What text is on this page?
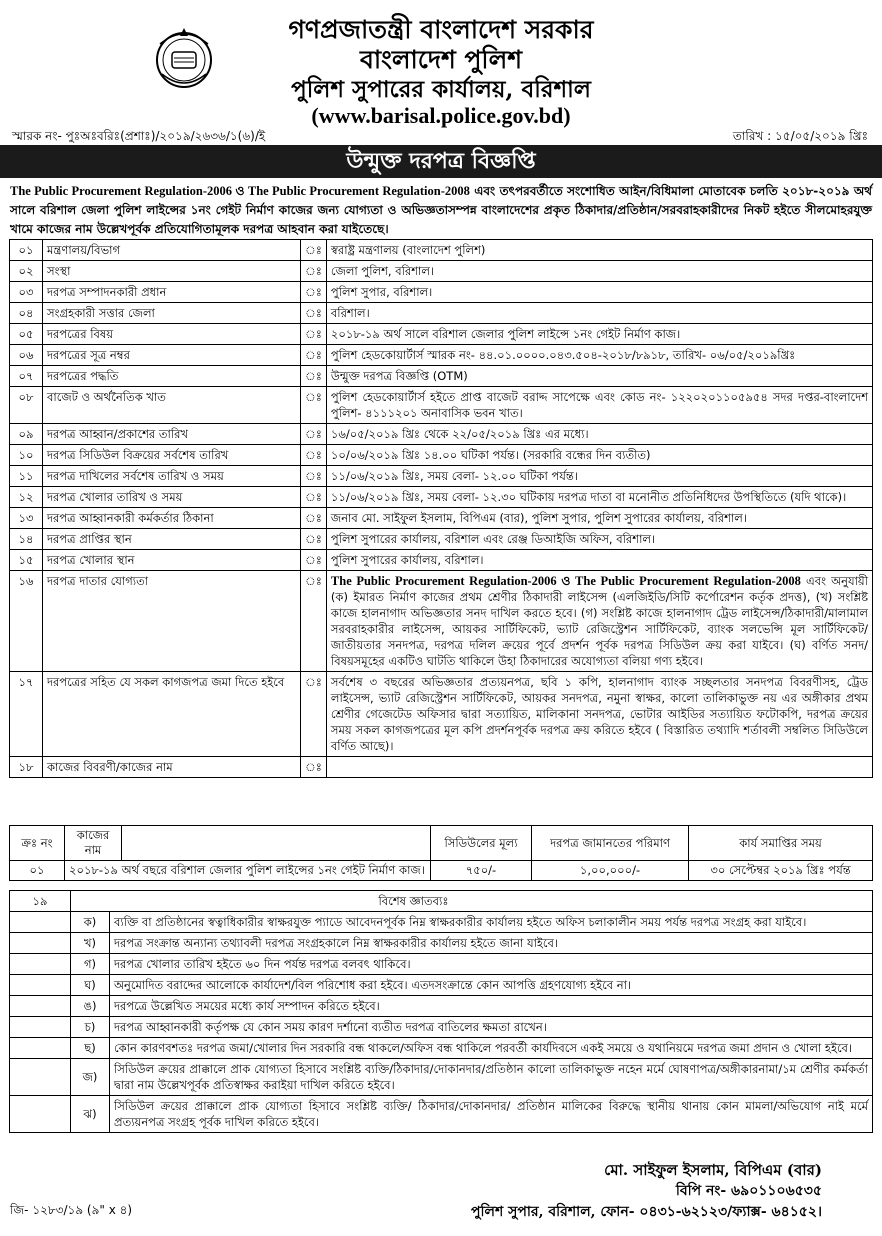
গণপ্রজাতন্ত্রী বাংলাদেশ সরকার
বাংলাদেশ পুলিশ
পুলিশ সুপারের কার্যালয়, বরিশাল
(www.barisal.police.gov.bd)
স্মারক নং- পুঃঅঃবরিঃ(প্রশাঃ)/২০১৯/২৬৩৬/১(৬)/ই	তারিখ : ১৫/০৫/২০১৯ খ্রিঃ
উন্মুক্ত দরপত্র বিজ্ঞপ্তি
The Public Procurement Regulation-2006 ও The Public Procurement Regulation-2008 এবং তৎপরবর্তীতে সংশোধিত আইন/বিধিমালা মোতাবেক চলতি ২০১৮-২০১৯ অর্থ সালে বরিশাল জেলা পুলিশ লাইন্সের ১নং গেইট নির্মাণ কাজের জন্য যোগ্যতা ও অভিজ্ঞতাসম্পন্ন বাংলাদেশের প্রকৃত ঠিকাদার/প্রতিষ্ঠান/সরবরাহকারীদের নিকট হইতে সীলমোহরযুক্ত খামে কাজের নাম উল্লেখপূর্বক প্রতিযোগিতামূলক দরপত্র আহবান করা যাইতেছে।
০১	মন্ত্রণালয়/বিভাগ	ঃ	স্বরাষ্ট্র মন্ত্রণালয় (বাংলাদেশ পুলিশ)
০২	সংস্থা	ঃ	জেলা পুলিশ, বরিশাল।
০৩	দরপত্র সম্পাদনকারী প্রধান	ঃ	পুলিশ সুপার, বরিশাল।
০৪	সংগ্রহকারী সত্তার জেলা	ঃ	বরিশাল।
০৫	দরপত্রের বিষয়	ঃ	২০১৮-১৯ অর্থ সালে বরিশাল জেলার পুলিশ লাইন্সে ১নং গেইট নির্মাণ কাজ।
০৬	দরপত্রের সূত্র নম্বর	ঃ	পুলিশ হেডকোয়ার্টার্স স্মারক নং- ৪৪.০১.০০০০.০৪৩.৫০৪-২০১৮/৮৯১৮, তারিখ- ০৬/০৫/২০১৯খ্রিঃ
০৭	দরপত্রের পদ্ধতি	ঃ	উন্মুক্ত দরপত্র বিজ্ঞপ্তি (OTM)
০৮	বাজেট ও অর্থনৈতিক খাত	ঃ	পুলিশ হেডকোয়ার্টার্স হইতে প্রাপ্ত বাজেট বরাদ্দ সাপেক্ষে এবং কোড নং- ১২২০২০১১০৫৯৫৪ সদর দপ্তর-বাংলাদেশ পুলিশ- ৪১১১২০১ অনাবাসিক ভবন খাত।
০৯	দরপত্র আহ্বান/প্রকাশের তারিখ	ঃ	১৬/০৫/২০১৯ খ্রিঃ থেকে ২২/০৫/২০১৯ খ্রিঃ এর মধ্যে।
১০	দরপত্র সিডিউল বিক্রয়ের সর্বশেষ তারিখ	ঃ	১০/০৬/২০১৯ খ্রিঃ ১৪.০০ ঘটিকা পর্যন্ত। (সরকারি বন্ধের দিন ব্যতীত)
১১	দরপত্র দাখিলের সর্বশেষ তারিখ ও সময়	ঃ	১১/০৬/২০১৯ খ্রিঃ, সময় বেলা- ১২.০০ ঘটিকা পর্যন্ত।
১২	দরপত্র খোলার তারিখ ও সময়	ঃ	১১/০৬/২০১৯ খ্রিঃ, সময় বেলা- ১২.৩০ ঘটিকায় দরপত্র দাতা বা মনোনীত প্রতিনিধিদের উপস্থিতিতে (যদি থাকে)।
১৩	দরপত্র আহ্বানকারী কর্মকর্তার ঠিকানা	ঃ	জনাব মো. সাইফুল ইসলাম, বিপিএম (বার), পুলিশ সুপার, পুলিশ সুপারের কার্যালয়, বরিশাল।
১৪	দরপত্র প্রাপ্তির স্থান	ঃ	পুলিশ সুপারের কার্যালয়, বরিশাল এবং রেঞ্জ ডিআইজি অফিস, বরিশাল।
১৫	দরপত্র খোলার স্থান	ঃ	পুলিশ সুপারের কার্যালয়, বরিশাল।
১৬	দরপত্র দাতার যোগ্যতা	ঃ	The Public Procurement Regulation-2006 ও The Public Procurement Regulation-2008 এবং অনুযায়ী (ক) ইমারত নির্মাণ কাজের প্রথম শ্রেণীর ঠিকাদারী লাইসেন্স (এলজিইডি/সিটি কর্পোরেশন কর্তৃক প্রদত্ত), (খ) সংশ্লিষ্ট কাজে হালনাগাদ অভিজ্ঞতার সনদ দাখিল করতে হবে। (গ) সংশ্লিষ্ট কাজে হালনাগাদ ট্রেড লাইসেন্স/ঠিকাদারী/মালামাল সরবরাহকারীর লাইসেন্স, আয়কর সার্টিফিকেট, ভ্যাট রেজিস্ট্রেশন সার্টিফিকেট, ব্যাংক সলভেন্সি মূল সার্টিফিকেট/জাতীয়তার সনদপত্র, দরপত্র দলিল ক্রয়ের পূর্বে প্রদর্শন পূর্বক দরপত্র সিডিউল ক্রয় করা যাইবে। (ঘ) বর্ণিত সনদ/বিষয়সমূহের একটিও ঘাটতি থাকিলে উহা ঠিকাদারের অযোগ্যতা বলিয়া গণ্য হইবে।
১৭	দরপত্রের সহিত যে সকল কাগজপত্র জমা দিতে হইবে	ঃ	সর্বশেষ ৩ বছরের অভিজ্ঞতার প্রত্যয়নপত্র, ছবি ১ কপি, হালনাগাদ ব্যাংক সচ্ছলতার সনদপত্র বিবরণীসহ, ট্রেড লাইসেন্স, ভ্যাট রেজিস্ট্রেশন সার্টিফিকেট, আয়কর সনদপত্র, নমুনা স্বাক্ষর, কালো তালিকাভুক্ত নয় এর অঙ্গীকার প্রথম শ্রেণীর গেজেটেড অফিসার দ্বারা সত্যায়িত, মালিকানা সনদপত্র, ভোটার আইডির সত্যায়িত ফটোকপি, দরপত্র ক্রয়ের সময় সকল কাগজপত্রের মূল কপি প্রদর্শনপূর্বক দরপত্র ক্রয় করিতে হইবে ( বিস্তারিত তথ্যাদি শর্তাবলী সম্বলিত সিডিউলে বর্ণিত আছে)।
১৮	কাজের বিবরণী/কাজের নাম	ঃ	
ক্রঃ নং	কাজের নাম		সিডিউলের মূল্য	দরপত্র জামানতের পরিমাণ	কার্য সমাপ্তির সময়
০১	২০১৮-১৯ অর্থ বছরে বরিশাল জেলার পুলিশ লাইন্সের ১নং গেইট নির্মাণ কাজ।		৭৫০/-	১,০০,০০০/-	৩০ সেপ্টেম্বর ২০১৯ খ্রিঃ পর্যন্ত
১৯	বিশেষ জ্ঞাতব্যঃ	
	ক)	ব্যক্তি বা প্রতিষ্ঠানের স্বত্বাধিকারীর স্বাক্ষরযুক্ত প্যাডে আবেদনপূর্বক নিম্ন স্বাক্ষরকারীর কার্যালয় হইতে অফিস চলাকালীন সময় পর্যন্ত দরপত্র সংগ্রহ করা যাইবে।
	খ)	দরপত্র সংক্রান্ত অন্যান্য তথ্যাবলী দরপত্র সংগ্রহকালে নিম্ন স্বাক্ষরকারীর কার্যালয় হইতে জানা যাইবে।
	গ)	দরপত্র খোলার তারিখ হইতে ৬০ দিন পর্যন্ত দরপত্র বলবৎ থাকিবে।
	ঘ)	অনুমোদিত বরাদ্দের আলোকে কার্যাদেশ/বিল পরিশোধ করা হইবে। এতদসংক্রান্তে কোন আপত্তি গ্রহণযোগ্য হইবে না।
	ঙ)	দরপত্রে উল্লেখিত সময়ের মধ্যে কার্য সম্পাদন করিতে হইবে।
	চ)	দরপত্র আহ্বানকারী কর্তৃপক্ষ যে কোন সময় কারণ দর্শানো ব্যতীত দরপত্র বাতিলের ক্ষমতা রাখেন।
	ছ)	কোন কারণবশতঃ দরপত্র জমা/খোলার দিন সরকারি বন্ধ থাকলে/অফিস বন্ধ থাকিলে পরবর্তী কার্যদিবসে একই সময়ে ও যথানিয়মে দরপত্র জমা প্রদান ও খোলা হইবে।
	জ)	সিডিউল ক্রয়ের প্রাক্কালে প্রাক যোগ্যতা হিসাবে সংশ্লিষ্ট ব্যক্তি/ঠিকাদার/দোকানদার/প্রতিষ্ঠান কালো তালিকাভুক্ত নহেন মর্মে ঘোষণাপত্র/অঙ্গীকারনামা/১ম শ্রেণীর কর্মকর্তা দ্বারা নাম উল্লেখপূর্বক প্রতিস্বাক্ষর করাইয়া দাখিল করিতে হইবে।
	ঝ)	সিডিউল ক্রয়ের প্রাক্কালে প্রাক যোগ্যতা হিসাবে সংশ্লিষ্ট ব্যক্তি/ ঠিকাদার/দোকানদার/ প্রতিষ্ঠান মালিকের বিরুদ্ধে স্থানীয় থানায় কোন মামলা/অভিযোগ নাই মর্মে প্রত্যয়নপত্র সংগ্রহ পূর্বক দাখিল করিতে হইবে।
মো. সাইফুল ইসলাম, বিপিএম (বার)
বিপি নং- ৬৯০১১০৬৫৩৫
পুলিশ সুপার, বরিশাল, ফোন- ০৪৩১-৬২১২৩/ফ্যাক্স- ৬৪১৫২।
জি- ১২৮৩/১৯ (৯" x ৪)
